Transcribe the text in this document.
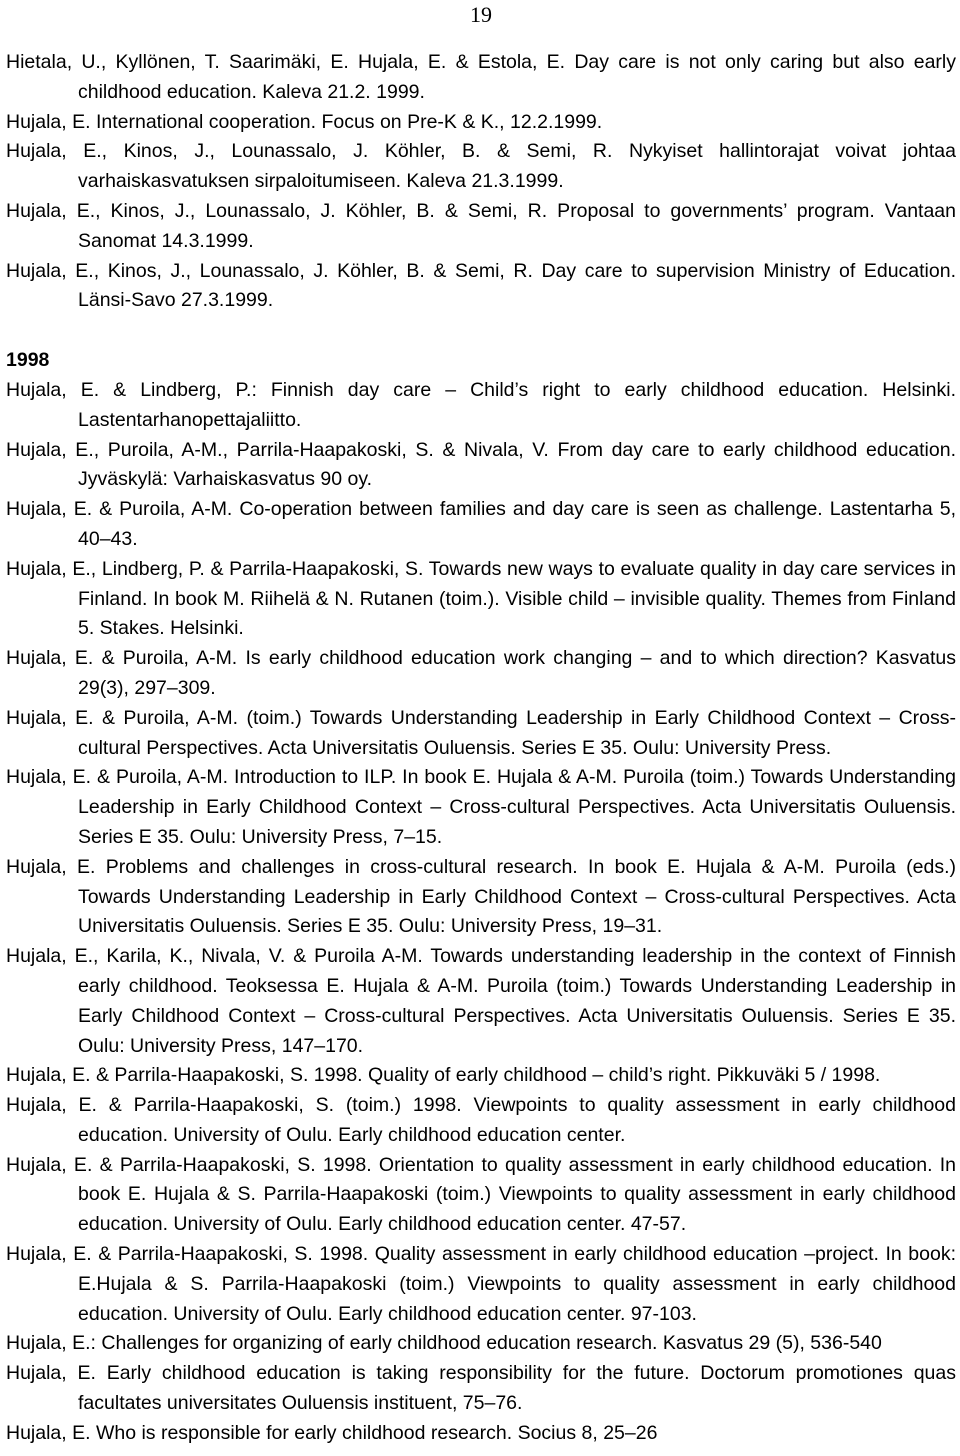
19

Hietala, U., Kyllönen, T. Saarimäki, E. Hujala, E. & Estola, E. Day care is not only caring but also early childhood education. Kaleva 21.2. 1999.

Hujala, E. International cooperation. Focus on Pre-K & K., 12.2.1999.

Hujala, E., Kinos, J., Lounassalo, J. Köhler, B. & Semi, R. Nykyiset hallintorajat voivat johtaa varhaiskasvatuksen sirpaloitumiseen. Kaleva 21.3.1999.

Hujala, E., Kinos, J., Lounassalo, J. Köhler, B. & Semi, R. Proposal to governments’ program. Vantaan Sanomat 14.3.1999.

Hujala, E., Kinos, J., Lounassalo, J. Köhler, B. & Semi, R. Day care to supervision Ministry of Education. Länsi-Savo 27.3.1999.

1998

Hujala, E. & Lindberg, P.: Finnish day care – Child’s right to early childhood education. Helsinki. Lastentarhanopettajaliitto.

Hujala, E., Puroila, A-M., Parrila-Haapakoski, S. & Nivala, V. From day care to early childhood education. Jyväskylä: Varhaiskasvatus 90 oy.

Hujala, E. & Puroila, A-M. Co-operation between families and day care is seen as challenge. Lastentarha 5, 40–43.

Hujala, E., Lindberg, P. & Parrila-Haapakoski, S. Towards new ways to evaluate quality in day care services in Finland. In book M. Riihelä & N. Rutanen (toim.). Visible child – invisible quality. Themes from Finland 5. Stakes. Helsinki.

Hujala, E. & Puroila, A-M. Is early childhood education work changing – and to which direction? Kasvatus 29(3), 297–309.

Hujala, E. & Puroila, A-M. (toim.) Towards Understanding Leadership in Early Childhood Context – Cross-cultural Perspectives. Acta Universitatis Ouluensis. Series E 35. Oulu: University Press.

Hujala, E. & Puroila, A-M. Introduction to ILP. In book E. Hujala & A-M. Puroila (toim.) Towards Understanding Leadership in Early Childhood Context – Cross-cultural Perspectives. Acta Universitatis Ouluensis. Series E 35. Oulu: University Press, 7–15.

Hujala, E. Problems and challenges in cross-cultural research. In book E. Hujala & A-M. Puroila (eds.) Towards Understanding Leadership in Early Childhood Context – Cross-cultural Perspectives. Acta Universitatis Ouluensis. Series E 35. Oulu: University Press, 19–31.

Hujala, E., Karila, K., Nivala, V. & Puroila A-M. Towards understanding leadership in the context of Finnish early childhood. Teoksessa E. Hujala & A-M. Puroila (toim.) Towards Understanding Leadership in Early Childhood Context – Cross-cultural Perspectives. Acta Universitatis Ouluensis. Series E 35. Oulu: University Press, 147–170.

Hujala, E. & Parrila-Haapakoski, S. 1998. Quality of early childhood – child’s right. Pikkuväki 5 / 1998.

Hujala, E. & Parrila-Haapakoski, S. (toim.) 1998. Viewpoints to quality assessment in early childhood education. University of Oulu. Early childhood education center.

Hujala, E. & Parrila-Haapakoski, S. 1998. Orientation to quality assessment in early childhood education. In book E. Hujala & S. Parrila-Haapakoski (toim.) Viewpoints to quality assessment in early childhood education. University of Oulu. Early childhood education center. 47-57.

Hujala, E. & Parrila-Haapakoski, S. 1998. Quality assessment in early childhood education –project. In book: E.Hujala & S. Parrila-Haapakoski (toim.) Viewpoints to quality assessment in early childhood education. University of Oulu. Early childhood education center. 97-103.

Hujala, E.: Challenges for organizing of early childhood education research. Kasvatus 29 (5), 536-540

Hujala, E. Early childhood education is taking responsibility for the future. Doctorum promotiones quas facultates universitates Ouluensis instituent, 75–76.

Hujala, E. Who is responsible for early childhood research. Socius 8, 25–26
